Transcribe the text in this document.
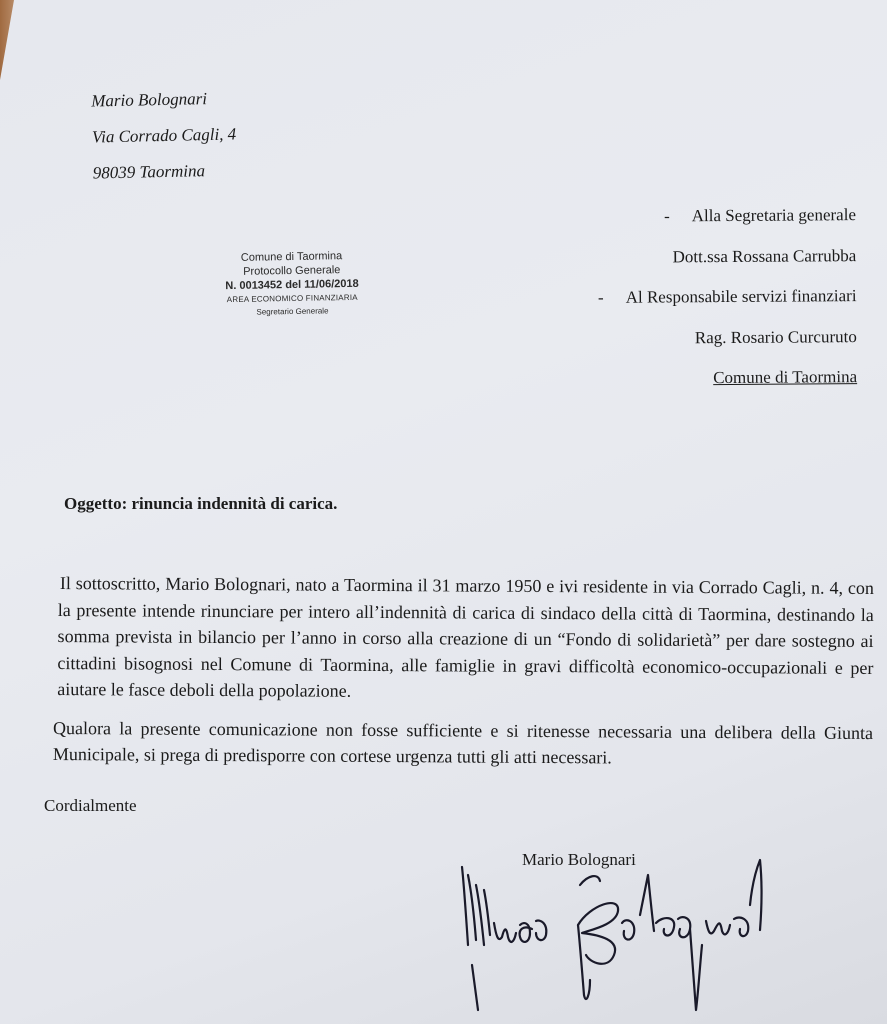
Mario Bolognari
Via Corrado Cagli, 4
98039 Taormina
- Alla Segretaria generale
Dott.ssa Rossana Carrubba
- Al Responsabile servizi finanziari
Rag. Rosario Curcuruto
Comune di Taormina
Comune di Taormina
Protocollo Generale
N. 0013452 del 11/06/2018
AREA ECONOMICO FINANZIARIA
Segretario Generale
Oggetto: rinuncia indennità di carica.

Il sottoscritto, Mario Bolognari, nato a Taormina il 31 marzo 1950 e ivi residente in via Corrado Cagli, n. 4, con la presente intende rinunciare per intero all’indennità di carica di sindaco della città di Taormina, destinando la somma prevista in bilancio per l’anno in corso alla creazione di un “Fondo di solidarietà” per dare sostegno ai cittadini bisognosi nel Comune di Taormina, alle famiglie in gravi difficoltà economico-occupazionali e per aiutare le fasce deboli della popolazione.

Qualora la presente comunicazione non fosse sufficiente e si ritenesse necessaria una delibera della Giunta Municipale, si prega di predisporre con cortese urgenza tutti gli atti necessari.

Cordialmente
Mario Bolognari
